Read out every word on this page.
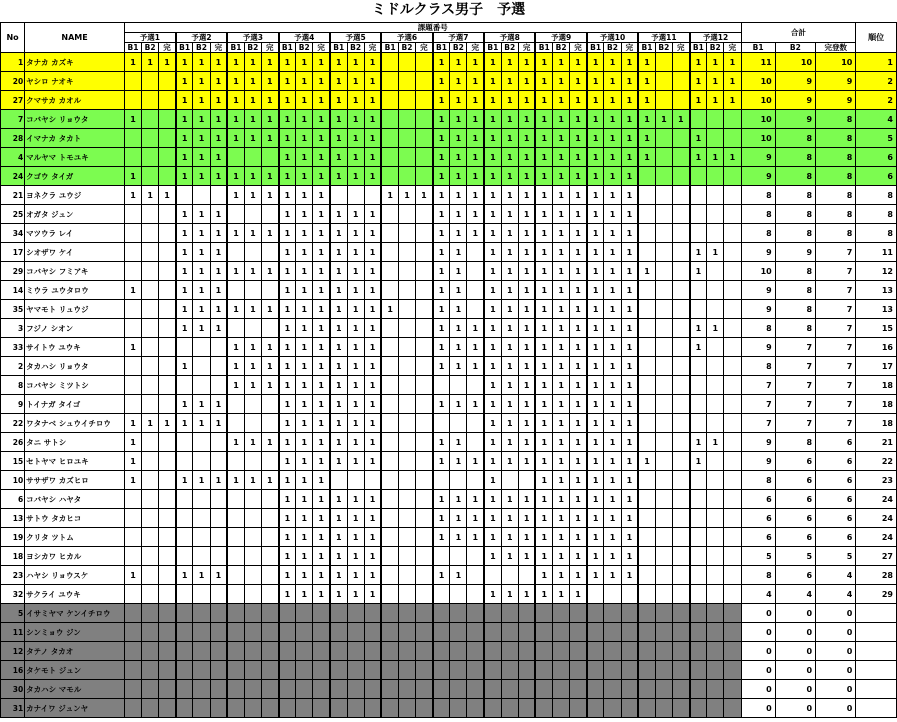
ミドルクラス男子　予選
No	NAME	課題番号																																				合計			順位
		予選1			予選2			予選3			予選4			予選5			予選6			予選7			予選8			予選9			予選10			予選11			予選12						
		B1	B2	完	B1	B2	完	B1	B2	完	B1	B2	完	B1	B2	完	B1	B2	完	B1	B2	完	B1	B2	完	B1	B2	完	B1	B2	完	B1	B2	完	B1	B2	完	B1	B2	完登数	
1	タナカ カズキ	1	1	1	1	1	1	1	1	1	1	1	1	1	1	1				1	1	1	1	1	1	1	1	1	1	1	1	1			1	1	1	11	10	10	1
20	ヤシロ ナオキ				1	1	1	1	1	1	1	1	1	1	1	1				1	1	1	1	1	1	1	1	1	1	1	1	1			1	1	1	10	9	9	2
27	クマサカ カオル				1	1	1	1	1	1	1	1	1	1	1	1				1	1	1	1	1	1	1	1	1	1	1	1	1			1	1	1	10	9	9	2
7	コバヤシ リョウタ	1			1	1	1	1	1	1	1	1	1	1	1	1				1	1	1	1	1	1	1	1	1	1	1	1	1	1	1				10	9	8	4
28	イマナカ タカト				1	1	1	1	1	1	1	1	1	1	1	1				1	1	1	1	1	1	1	1	1	1	1	1	1			1			10	8	8	5
4	マルヤマ トモユキ				1	1	1				1	1	1	1	1	1				1	1	1	1	1	1	1	1	1	1	1	1	1			1	1	1	9	8	8	6
24	クゴウ タイガ	1			1	1	1	1	1	1	1	1	1	1	1	1				1	1	1	1	1	1	1	1	1	1	1	1							9	8	8	6
21	ヨネクラ ユウジ	1	1	1				1	1	1	1	1	1				1	1	1	1	1	1	1	1	1	1	1	1	1	1	1							8	8	8	8
25	オガタ ジュン				1	1	1				1	1	1	1	1	1				1	1	1	1	1	1	1	1	1	1	1	1							8	8	8	8
34	マツウラ レイ				1	1	1	1	1	1	1	1	1	1	1	1				1	1	1	1	1	1	1	1	1	1	1	1							8	8	8	8
17	シオザワ ケイ				1	1	1				1	1	1	1	1	1				1	1		1	1	1	1	1	1	1	1	1				1	1		9	9	7	11
29	コバヤシ フミアキ				1	1	1	1	1	1	1	1	1	1	1	1				1	1		1	1	1	1	1	1	1	1	1	1			1			10	8	7	12
14	ミウラ ユウタロウ	1			1	1	1				1	1	1	1	1	1				1	1		1	1	1	1	1	1	1	1	1							9	8	7	13
35	ヤマモト リュウジ				1	1	1	1	1	1	1	1	1	1	1	1	1			1	1		1	1	1	1	1	1	1	1	1							9	8	7	13
3	フジノ シオン				1	1	1				1	1	1	1	1	1				1	1	1	1	1	1	1	1	1	1	1	1				1	1		8	8	7	15
33	サイトウ ユウキ	1						1	1	1	1	1	1	1	1	1				1	1	1	1	1	1	1	1	1	1	1	1				1			9	7	7	16
2	タカハシ リョウタ				1			1	1	1	1	1	1	1	1	1				1	1	1	1	1	1	1	1	1	1	1	1							8	7	7	17
8	コバヤシ ミツトシ							1	1	1	1	1	1	1	1	1							1	1	1	1	1	1	1	1	1							7	7	7	18
9	トイナガ タイゴ				1	1	1				1	1	1	1	1	1				1	1	1	1	1	1	1	1	1	1	1	1							7	7	7	18
22	ワタナベ シュウイチロウ	1	1	1	1	1	1				1	1	1	1	1	1							1	1	1	1	1	1	1	1	1							7	7	7	18
26	タニ サトシ	1						1	1	1	1	1	1	1	1	1				1	1		1	1	1	1	1	1	1	1	1				1	1		9	8	6	21
15	セトヤマ ヒロユキ	1									1	1	1	1	1	1				1	1	1	1	1	1	1	1	1	1	1	1	1			1			9	6	6	22
10	ササザワ カズヒロ	1			1	1	1	1	1	1	1	1	1										1			1	1	1	1	1	1							8	6	6	23
6	コバヤシ ハヤタ										1	1	1	1	1	1				1	1	1	1	1	1	1	1	1	1	1	1							6	6	6	24
13	サトウ タカヒコ										1	1	1	1	1	1				1	1	1	1	1	1	1	1	1	1	1	1							6	6	6	24
19	クリタ ツトム										1	1	1	1	1	1				1	1	1	1	1	1	1	1	1	1	1	1							6	6	6	24
18	ヨシカワ ヒカル										1	1	1	1	1	1							1	1	1	1	1	1	1	1	1							5	5	5	27
23	ハヤシ リョウスケ	1			1	1	1				1	1	1	1	1	1				1	1					1	1	1	1	1	1							8	6	4	28
32	サクライ ユウキ										1	1	1	1	1	1							1	1	1	1	1	1										4	4	4	29
5	イサミヤマ ケンイチロウ																																					0	0	0	
11	シンミョウ ジン																																					0	0	0	
12	タテノ タカオ																																					0	0	0	
16	タケモト ジュン																																					0	0	0	
30	タカハシ マモル																																					0	0	0	
31	カナイワ ジュンヤ																																					0	0	0	
